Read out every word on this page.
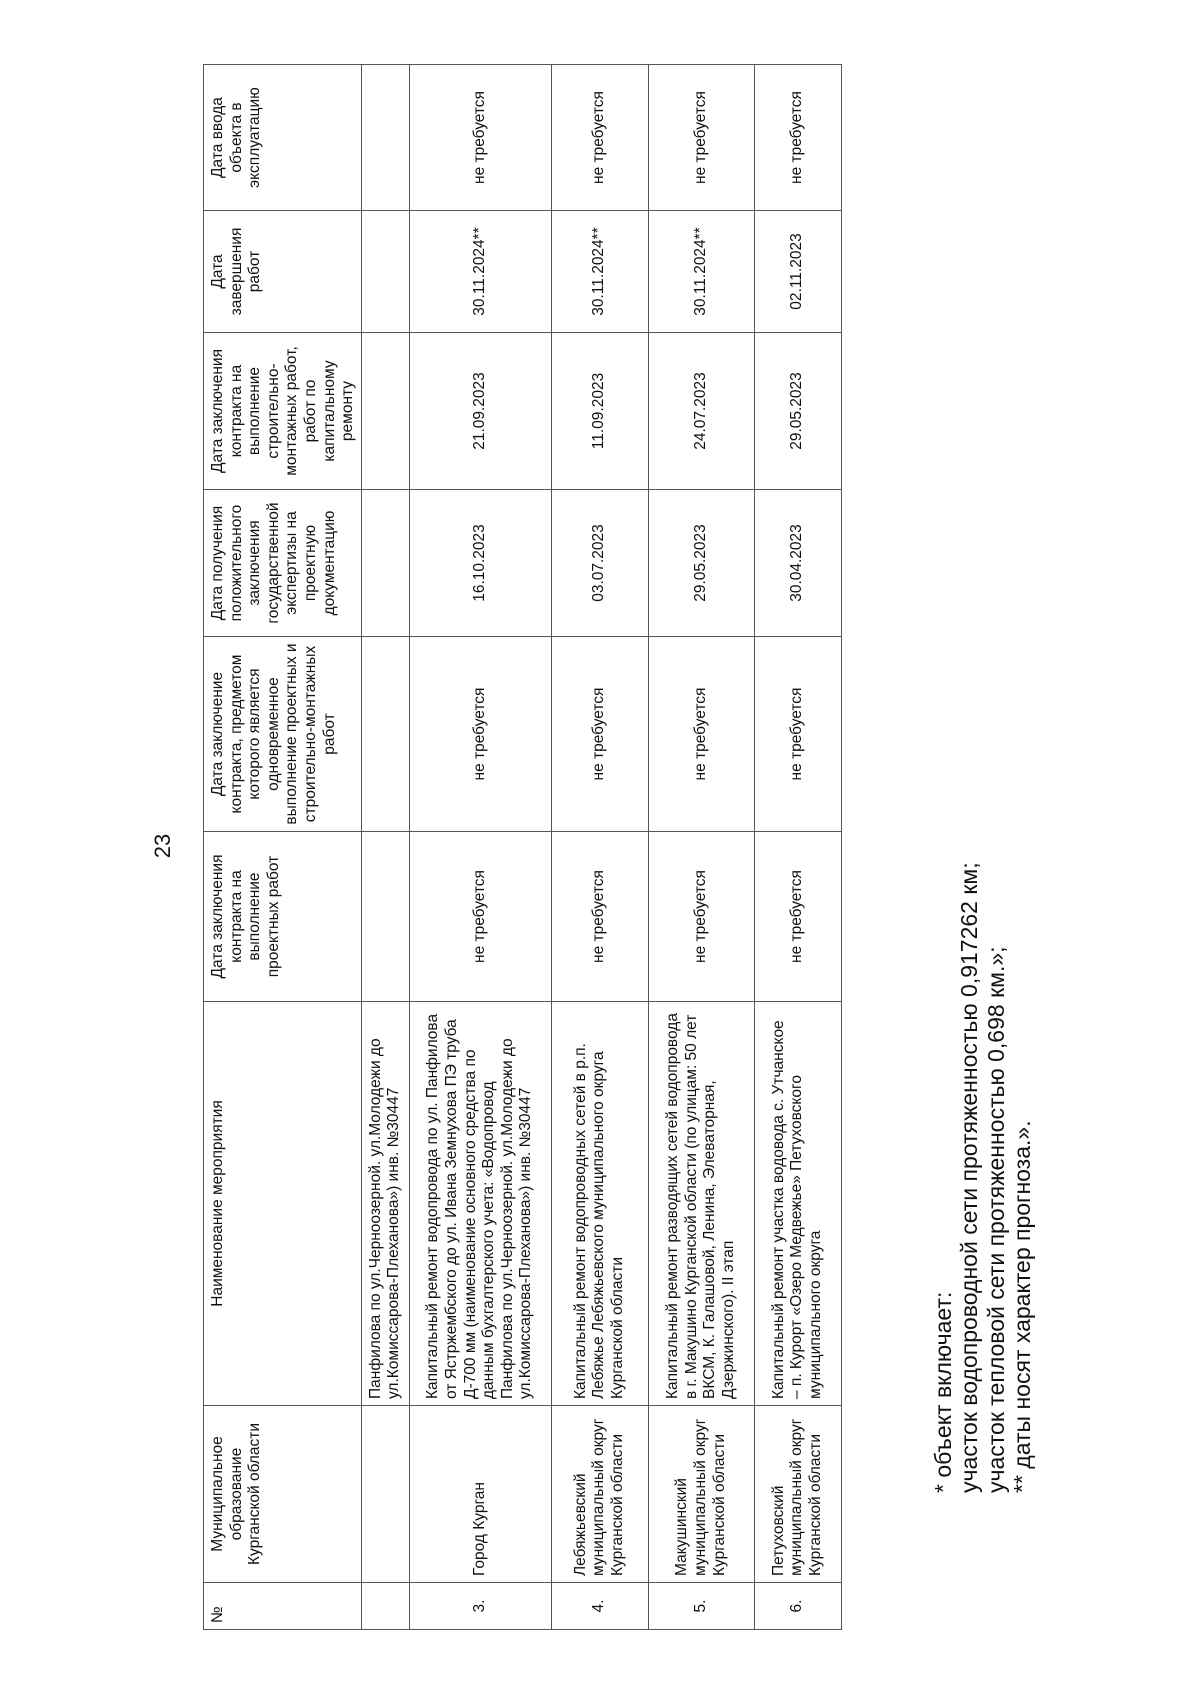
23
№	Муниципальное образование Курганской области	Наименование мероприятия	Дата заключения контракта на выполнение проектных работ	Дата заключение контракта, предметом которого является одновременное выполнение проектных и строительно-монтажных работ	Дата получения положительного заключения государственной экспертизы на проектную документацию	Дата заключения контракта на выполнение строительно-монтажных работ, работ по капитальному ремонту	Дата завершения работ	Дата ввода объекта в эксплуатацию
		Панфилова по ул.Черноозерной. ул.Молодежи до ул.Комиссарова-Плеханова») инв. №30447						
3.	Город Курган	Капитальный ремонт водопровода по ул. Панфилова от Ястржембского до ул. Ивана Земнухова ПЭ труба Д-700 мм (наименование основного средства по данным бухгалтерского учета: «Водопровод Панфилова по ул.Черноозерной. ул.Молодежи до ул.Комиссарова-Плеханова») инв. №30447	не требуется	не требуется	16.10.2023	21.09.2023	30.11.2024**	не требуется
4.	Лебяжьевский муниципальный округ Курганской области	Капитальный ремонт водопроводных сетей в р.п. Лебяжье Лебяжьевского муниципального округа Курганской области	не требуется	не требуется	03.07.2023	11.09.2023	30.11.2024**	не требуется
5.	Макушинский муниципальный округ Курганской области	Капитальный ремонт разводящих сетей водопровода в г. Макушино Курганской области (по улицам: 50 лет ВКСМ, К. Галашовой, Ленина, Элеваторная, Дзержинского). II этап	не требуется	не требуется	29.05.2023	24.07.2023	30.11.2024**	не требуется
6.	Петуховский муниципальный округ Курганской области	Капитальный ремонт участка водовода с. Утчанское – п. Курорт «Озеро Медвежье» Петуховского муниципального округа	не требуется	не требуется	30.04.2023	29.05.2023	02.11.2023	не требуется
* объект включает: участок водопроводной сети протяженностью 0,917262 км; участок тепловой сети протяженностью 0,698 км.»; ** даты носят характер прогноза.».
